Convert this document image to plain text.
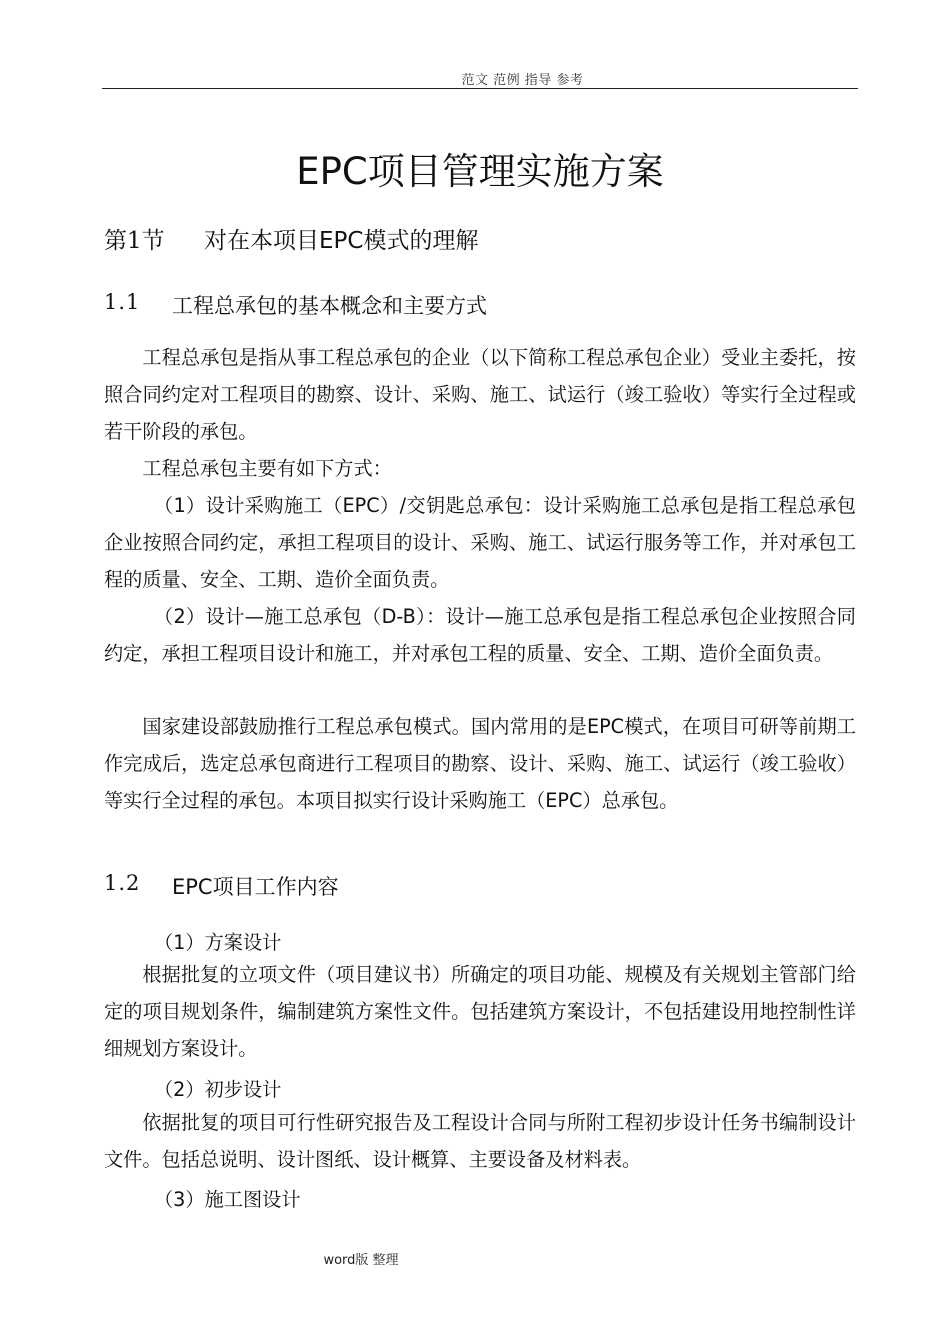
范文 范例 指导 参考
EPC项目管理实施方案
第1节 对在本项目EPC模式的理解
1.1 工程总承包的基本概念和主要方式

工程总承包是指从事工程总承包的企业（以下简称工程总承包企业）受业主委托，按照合同约定对工程项目的勘察、设计、采购、施工、试运行（竣工验收）等实行全过程或若干阶段的承包。

工程总承包主要有如下方式：

（1）设计采购施工（EPC）/交钥匙总承包：设计采购施工总承包是指工程总承包企业按照合同约定，承担工程项目的设计、采购、施工、试运行服务等工作，并对承包工程的质量、安全、工期、造价全面负责。

（2）设计—施工总承包（D-B）：设计—施工总承包是指工程总承包企业按照合同约定，承担工程项目设计和施工，并对承包工程的质量、安全、工期、造价全面负责。

国家建设部鼓励推行工程总承包模式。国内常用的是EPC模式，在项目可研等前期工作完成后，选定总承包商进行工程项目的勘察、设计、采购、施工、试运行（竣工验收）等实行全过程的承包。本项目拟实行设计采购施工（EPC）总承包。

1.2 EPC项目工作内容
（1）方案设计

根据批复的立项文件（项目建议书）所确定的项目功能、规模及有关规划主管部门给定的项目规划条件，编制建筑方案性文件。包括建筑方案设计，不包括建设用地控制性详细规划方案设计。

（2）初步设计

依据批复的项目可行性研究报告及工程设计合同与所附工程初步设计任务书编制设计文件。包括总说明、设计图纸、设计概算、主要设备及材料表。

（3）施工图设计
word版 整理
